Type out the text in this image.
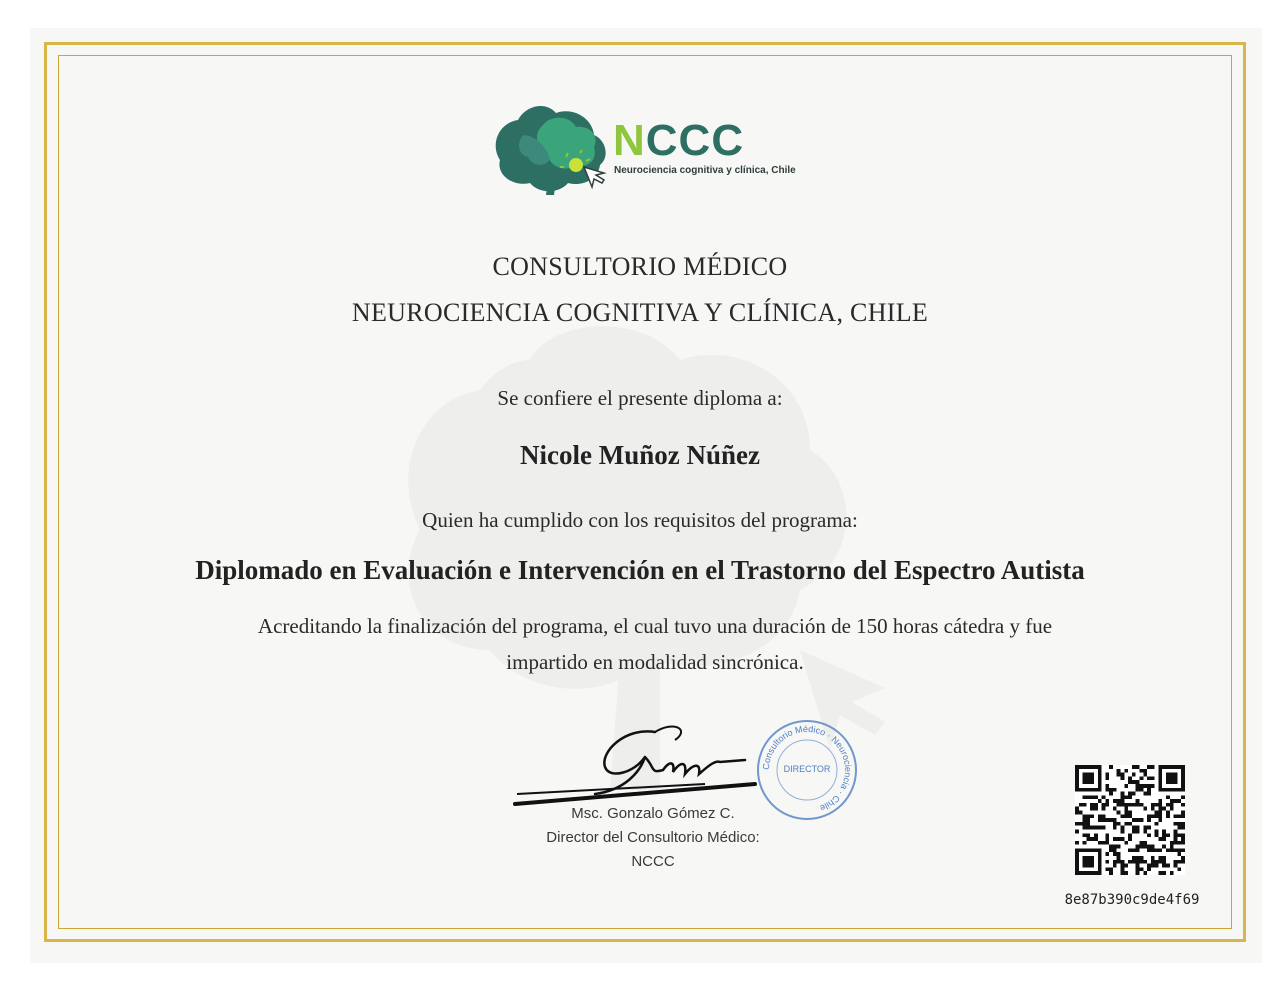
NCCC
Neurociencia cognitiva y clínica, Chile
CONSULTORIO MÉDICO
NEUROCIENCIA COGNITIVA Y CLÍNICA, CHILE
Se confiere el presente diploma a:
Nicole Muñoz Núñez
Quien ha cumplido con los requisitos del programa:
Diplomado en Evaluación e Intervención en el Trastorno del Espectro Autista
Acreditando la finalización del programa, el cual tuvo una duración de 150 horas cátedra y fue
impartido en modalidad sincrónica.
Msc. Gonzalo Gómez C.
Director del Consultorio Médico:
NCCC
Consultorio Médico · Neurociencia · Chile
DIRECTOR
8e87b390c9de4f69
